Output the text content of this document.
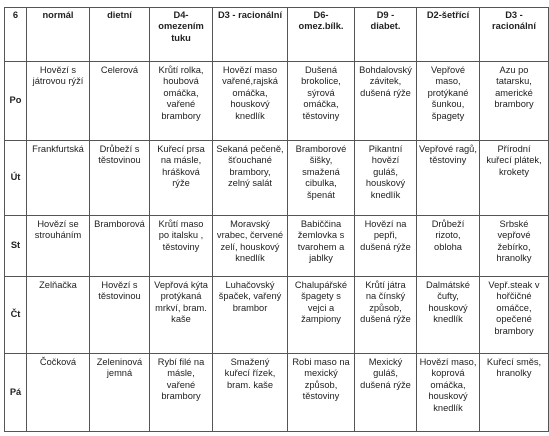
6	normál	dietní	D4-
omezením
tuku	D3 - racionální	D6-
omez.bílk.	D9 -
diabet.	D2-šetřící	D3 -
racionální

Po	Hovězí s
játrovou rýží	Celerová	Krůtí rolka,
houbová
omáčka,
vařené
brambory	Hovězí maso
vařené,rajská
omáčka,
houskový
knedlík	Dušená
brokolice,
sýrová
omáčka,
těstoviny	Bohdalovský
závitek,
dušená rýže	Vepřové
maso,
protýkané
šunkou,
špagety	Azu po
tatarsku,
americké
brambory

Út	Frankfurtská	Drůbeží s
těstovinou	Kuřecí prsa
na másle,
hrášková
rýže	Sekaná pečeně,
šťouchané
brambory,
zelný salát	Bramborové
šišky,
smažená
cibulka,
špenát	Pikantní
hovězí
guláš,
houskový
knedlík	Vepřové ragů,
těstoviny	Přírodní
kuřecí plátek,
krokety

St	Hovězí se
strouháním	Bramborová	Krůtí maso
po italsku ,
těstoviny	Moravský
vrabec, červené
zelí, houskový
knedlík	Babiččina
žemlovka s
tvarohem a
jablky	Hovězí na
pepři,
dušená rýže	Drůbeží
rizoto,
obloha	Srbské
vepřové
žebírko,
hranolky

Čt	Zelňačka	Hovězí s
těstovinou	Vepřová kýta
protýkaná
mrkví, bram.
kaše	Luhačovský
špaček, vařený
brambor	Chalupářské
špagety s
vejci a
žampiony	Krůtí játra
na čínský
způsob,
dušená rýže	Dalmátské
čufty,
houskový
knedlík	Vepř.steak v
hořčičné
omáčce,
opečené
brambory

Pá	Čočková	Zeleninová
jemná	Rybí filé na
másle,
vařené
brambory	Smažený
kuřecí řízek,
bram. kaše	Robi maso na
mexický
způsob,
těstoviny	Mexický
guláš,
dušená rýže	Hovězí maso,
koprová
omáčka,
houskový
knedlík	Kuřecí směs,
hranolky
